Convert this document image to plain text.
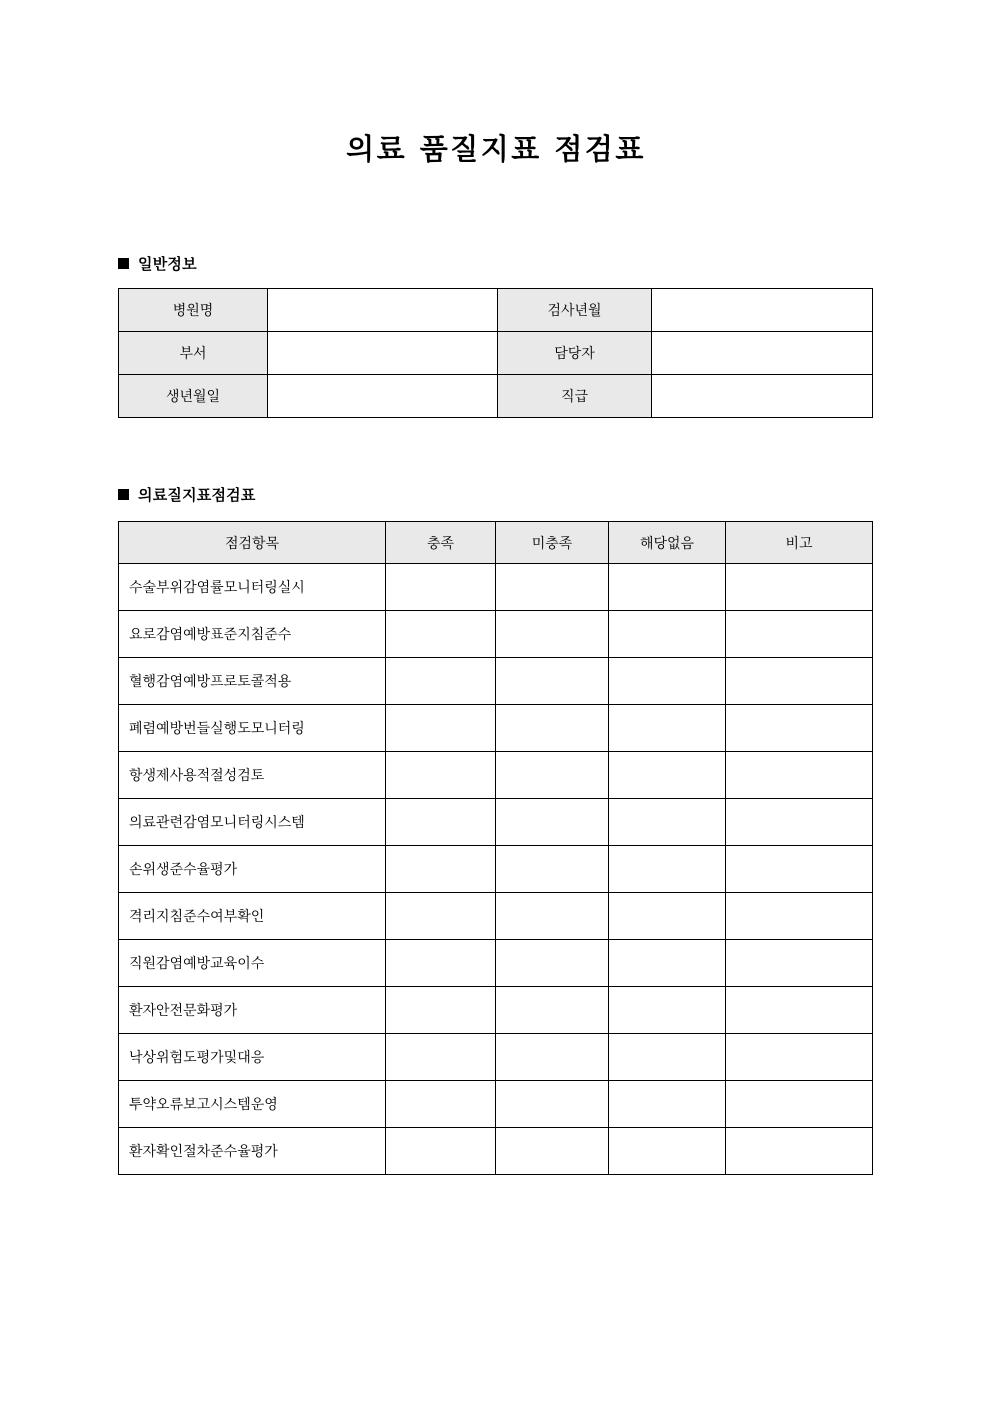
의료 품질지표 점검표
일반정보
병원명		검사년월	
부서		담당자	
생년월일		직급	
의료질지표점검표
점검항목	충족	미충족	해당없음	비고
수술부위감염률모니터링실시				
요로감염예방표준지침준수				
혈행감염예방프로토콜적용				
폐렴예방번들실행도모니터링				
항생제사용적절성검토				
의료관련감염모니터링시스템				
손위생준수율평가				
격리지침준수여부확인				
직원감염예방교육이수				
환자안전문화평가				
낙상위험도평가및대응				
투약오류보고시스템운영				
환자확인절차준수율평가				
